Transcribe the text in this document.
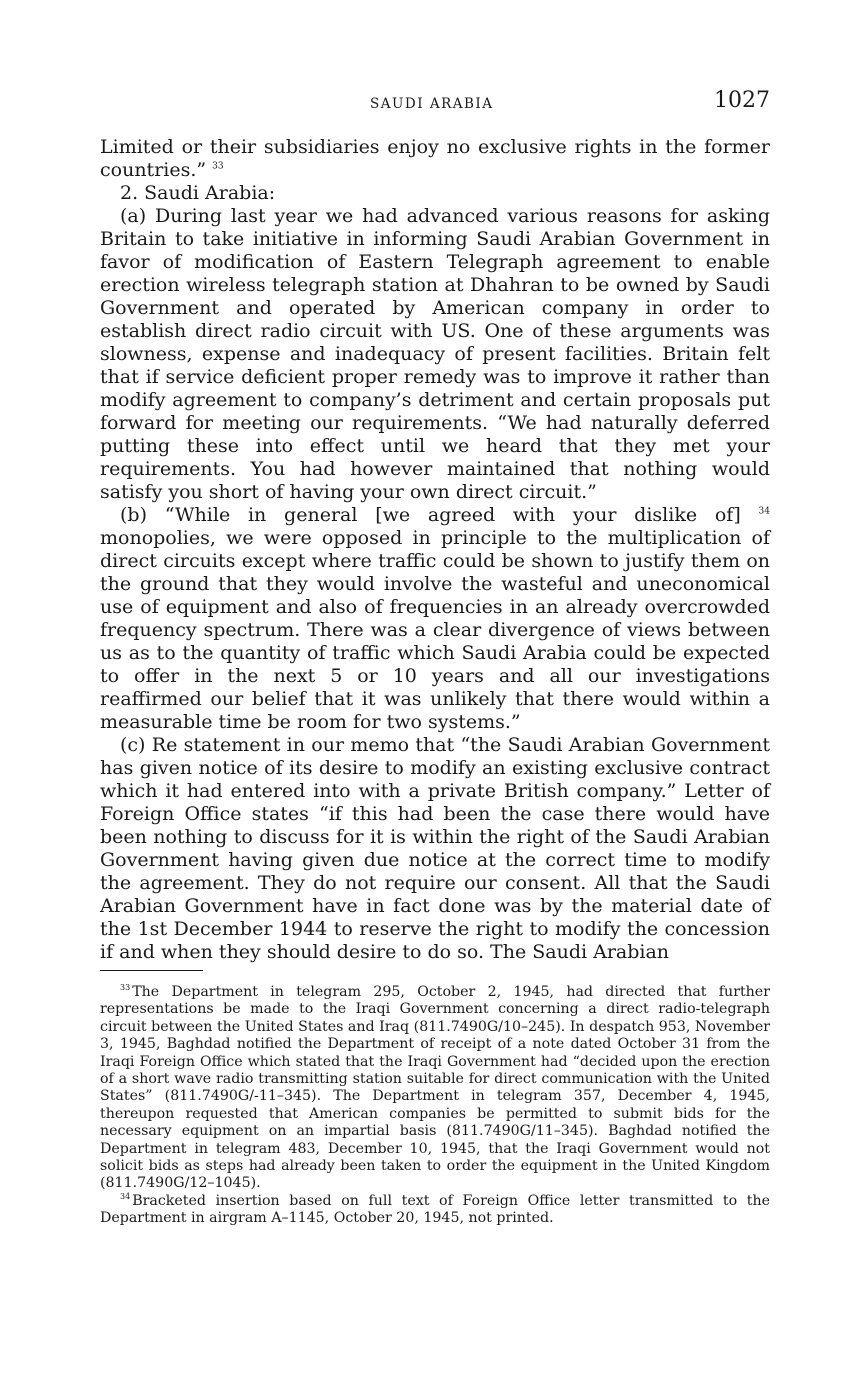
SAUDI ARABIA	1027

Limited or their subsidiaries enjoy no exclusive rights in the former countries.” $^{33}$

2. Saudi Arabia:

(a) During last year we had advanced various reasons for asking Britain to take initiative in informing Saudi Arabian Government in favor of modification of Eastern Telegraph agreement to enable erection wireless telegraph station at Dhahran to be owned by Saudi Government and operated by American company in order to establish direct radio circuit with US. One of these arguments was slowness, expense and inadequacy of present facilities. Britain felt that if service deficient proper remedy was to improve it rather than modify agreement to company’s detriment and certain proposals put forward for meeting our requirements. “We had naturally deferred putting these into effect until we heard that they met your requirements. You had however maintained that nothing would satisfy you short of having your own direct circuit.”

(b) “While in general [we agreed with your dislike of] $^{34}$ monopolies, we were opposed in principle to the multiplication of direct circuits except where traffic could be shown to justify them on the ground that they would involve the wasteful and uneconomical use of equipment and also of frequencies in an already overcrowded frequency spectrum. There was a clear divergence of views between us as to the quantity of traffic which Saudi Arabia could be expected to offer in the next 5 or 10 years and all our investigations reaffirmed our belief that it was unlikely that there would within a measurable time be room for two systems.”

(c) Re statement in our memo that “the Saudi Arabian Government has given notice of its desire to modify an existing exclusive contract which it had entered into with a private British company.” Letter of Foreign Office states “if this had been the case there would have been nothing to discuss for it is within the right of the Saudi Arabian Government having given due notice at the correct time to modify the agreement. They do not require our consent. All that the Saudi Arabian Government have in fact done was by the material date of the 1st December 1944 to reserve the right to modify the concession if and when they should desire to do so. The Saudi Arabian

$^{33}$ The Department in telegram 295, October 2, 1945, had directed that further representations be made to the Iraqi Government concerning a direct radio-telegraph circuit between the United States and Iraq (811.7490G/10–245). In despatch 953, November 3, 1945, Baghdad notified the Department of receipt of a note dated October 31 from the Iraqi Foreign Office which stated that the Iraqi Government had “decided upon the erection of a short wave radio transmitting station suitable for direct communication with the United States” (811.7490G/-11–345). The Department in telegram 357, December 4, 1945, thereupon requested that American companies be permitted to submit bids for the necessary equipment on an impartial basis (811.7490G/11–345). Baghdad notified the Department in telegram 483, December 10, 1945, that the Iraqi Government would not solicit bids as steps had already been taken to order the equipment in the United Kingdom (811.7490G/12–1045).

$^{34}$ Bracketed insertion based on full text of Foreign Office letter transmitted to the Department in airgram A–1145, October 20, 1945, not printed.
